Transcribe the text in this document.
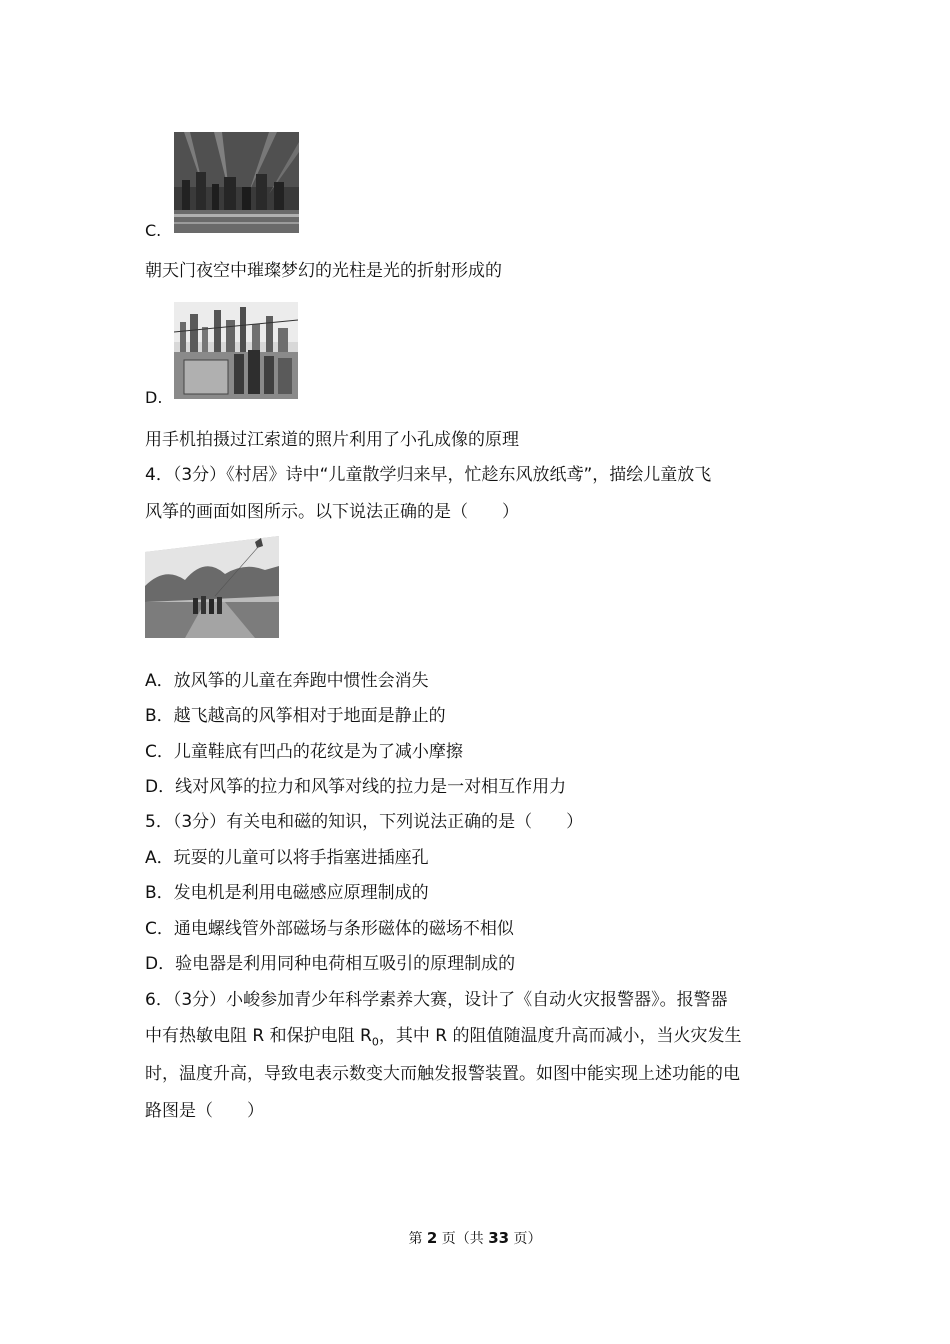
C.
朝天门夜空中璀璨梦幻的光柱是光的折射形成的
D.
用手机拍摄过江索道的照片利用了小孔成像的原理
4．（3分）《村居》诗中“儿童散学归来早，忙趁东风放纸鸢”，描绘儿童放飞
风筝的画面如图所示。以下说法正确的是（　　）
A．放风筝的儿童在奔跑中惯性会消失
B．越飞越高的风筝相对于地面是静止的
C．儿童鞋底有凹凸的花纹是为了减小摩擦
D．线对风筝的拉力和风筝对线的拉力是一对相互作用力
5．（3分）有关电和磁的知识，下列说法正确的是（　　）
A．玩耍的儿童可以将手指塞进插座孔
B．发电机是利用电磁感应原理制成的
C．通电螺线管外部磁场与条形磁体的磁场不相似
D．验电器是利用同种电荷相互吸引的原理制成的
6．（3分）小峻参加青少年科学素养大赛，设计了《自动火灾报警器》。报警器
中有热敏电阻 R 和保护电阻 $R_0$，其中 R 的阻值随温度升高而减小，当火灾发生
时，温度升高，导致电表示数变大而触发报警装置。如图中能实现上述功能的电
路图是（　　）
第 2 页（共 33 页）
